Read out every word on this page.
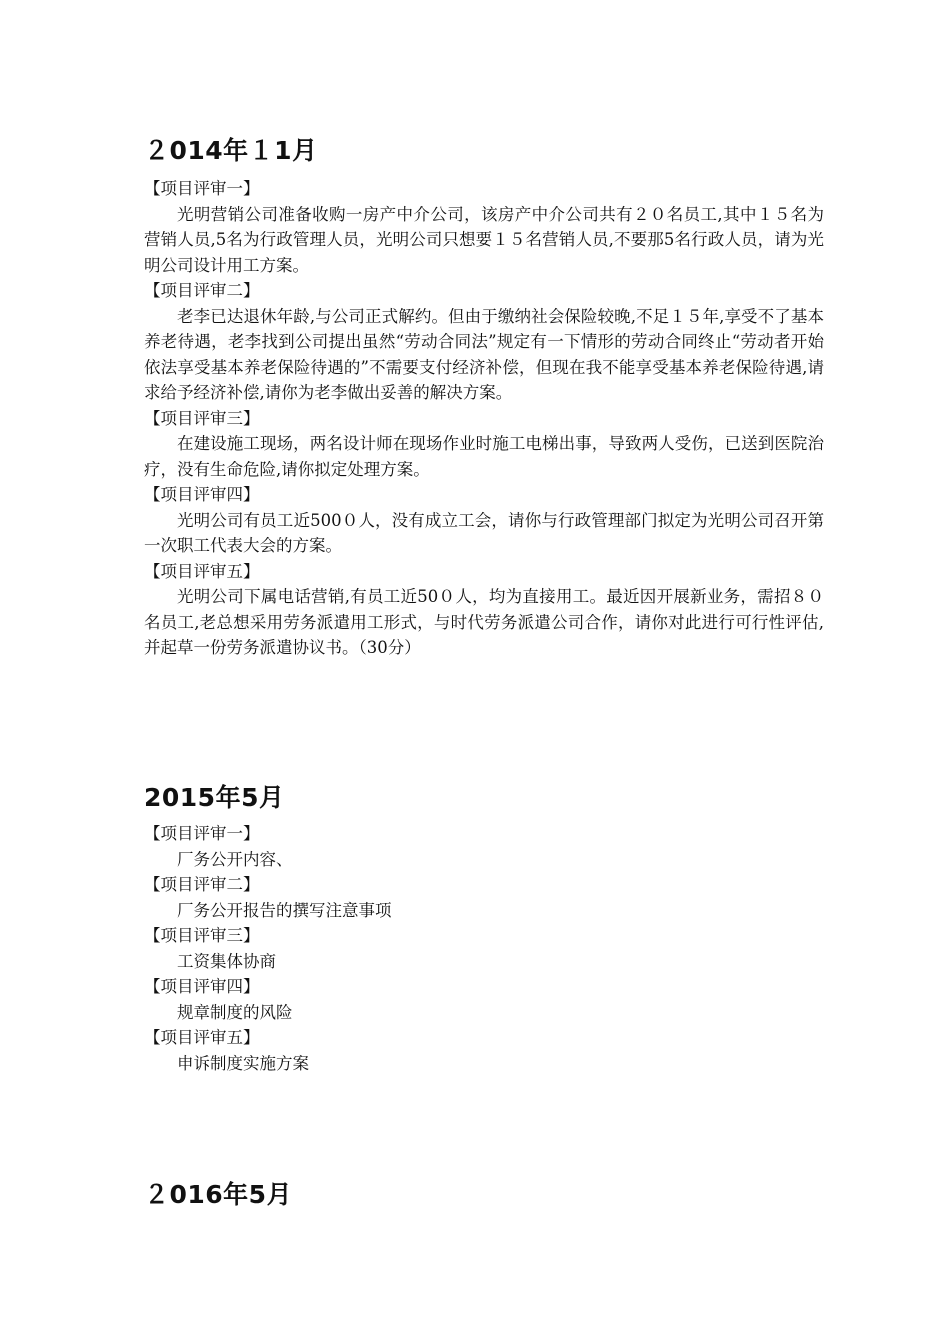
２014年１1月

【项目评审一】

光明营销公司准备收购一房产中介公司，该房产中介公司共有２０名员工,其中１５名为营销人员,5名为行政管理人员，光明公司只想要１５名营销人员,不要那5名行政人员，请为光明公司设计用工方案。

【项目评审二】

老李已达退休年龄,与公司正式解约。但由于缴纳社会保险较晚,不足１５年,享受不了基本养老待遇，老李找到公司提出虽然“劳动合同法”规定有一下情形的劳动合同终止“劳动者开始依法享受基本养老保险待遇的”不需要支付经济补偿，但现在我不能享受基本养老保险待遇,请求给予经济补偿,请你为老李做出妥善的解决方案。

【项目评审三】

在建设施工现场，两名设计师在现场作业时施工电梯出事，导致两人受伤，已送到医院治疗，没有生命危险,请你拟定处理方案。

【项目评审四】

光明公司有员工近500０人，没有成立工会，请你与行政管理部门拟定为光明公司召开第一次职工代表大会的方案。

【项目评审五】

光明公司下属电话营销,有员工近50０人，均为直接用工。最近因开展新业务，需招８０名员工,老总想采用劳务派遣用工形式，与时代劳务派遣公司合作，请你对此进行可行性评估,并起草一份劳务派遣协议书。（30分）

2015年5月

【项目评审一】

厂务公开内容、

【项目评审二】

厂务公开报告的撰写注意事项

【项目评审三】

工资集体协商

【项目评审四】

规章制度的风险

【项目评审五】

申诉制度实施方案

２016年5月
